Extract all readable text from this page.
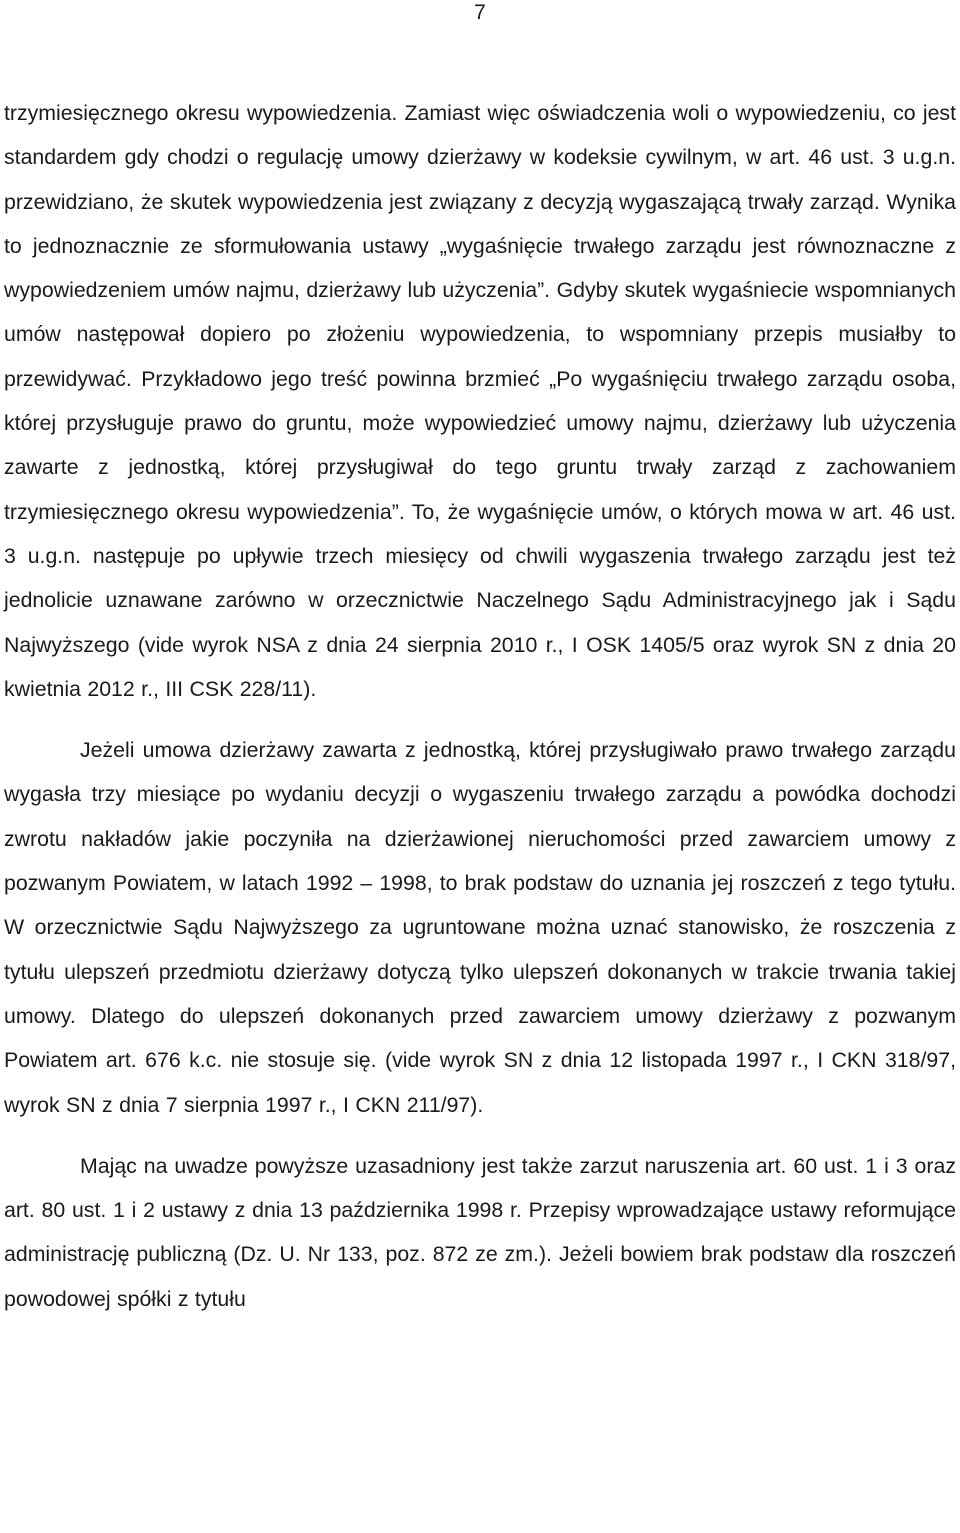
7

trzymiesięcznego okresu wypowiedzenia. Zamiast więc oświadczenia woli o wypowiedzeniu, co jest standardem gdy chodzi o regulację umowy dzierżawy w kodeksie cywilnym, w art. 46 ust. 3 u.g.n. przewidziano, że skutek wypowiedzenia jest związany z decyzją wygaszającą trwały zarząd. Wynika to jednoznacznie ze sformułowania ustawy „wygaśnięcie trwałego zarządu jest równoznaczne z wypowiedzeniem umów najmu, dzierżawy lub użyczenia”. Gdyby skutek wygaśniecie wspomnianych umów następował dopiero po złożeniu wypowiedzenia, to wspomniany przepis musiałby to przewidywać. Przykładowo jego treść powinna brzmieć „Po wygaśnięciu trwałego zarządu osoba, której przysługuje prawo do gruntu, może wypowiedzieć umowy najmu, dzierżawy lub użyczenia zawarte z jednostką, której przysługiwał do tego gruntu trwały zarząd z zachowaniem trzymiesięcznego okresu wypowiedzenia”. To, że wygaśnięcie umów, o których mowa w art. 46 ust. 3 u.g.n. następuje po upływie trzech miesięcy od chwili wygaszenia trwałego zarządu jest też jednolicie uznawane zarówno w orzecznictwie Naczelnego Sądu Administracyjnego jak i Sądu Najwyższego (vide wyrok NSA z dnia 24 sierpnia 2010 r., I OSK 1405/5 oraz wyrok SN z dnia 20 kwietnia 2012 r., III CSK 228/11).

Jeżeli umowa dzierżawy zawarta z jednostką, której przysługiwało prawo trwałego zarządu wygasła trzy miesiące po wydaniu decyzji o wygaszeniu trwałego zarządu a powódka dochodzi zwrotu nakładów jakie poczyniła na dzierżawionej nieruchomości przed zawarciem umowy z pozwanym Powiatem, w latach 1992 – 1998, to brak podstaw do uznania jej roszczeń z tego tytułu. W orzecznictwie Sądu Najwyższego za ugruntowane można uznać stanowisko, że roszczenia z tytułu ulepszeń przedmiotu dzierżawy dotyczą tylko ulepszeń dokonanych w trakcie trwania takiej umowy. Dlatego do ulepszeń dokonanych przed zawarciem umowy dzierżawy z pozwanym Powiatem art. 676 k.c. nie stosuje się. (vide wyrok SN z dnia 12 listopada 1997 r., I CKN 318/97, wyrok SN z dnia 7 sierpnia 1997 r., I CKN 211/97).

Mając na uwadze powyższe uzasadniony jest także zarzut naruszenia art. 60 ust. 1 i 3 oraz art. 80 ust. 1 i 2 ustawy z dnia 13 października 1998 r. Przepisy wprowadzające ustawy reformujące administrację publiczną (Dz. U. Nr 133, poz. 872 ze zm.). Jeżeli bowiem brak podstaw dla roszczeń powodowej spółki z tytułu
